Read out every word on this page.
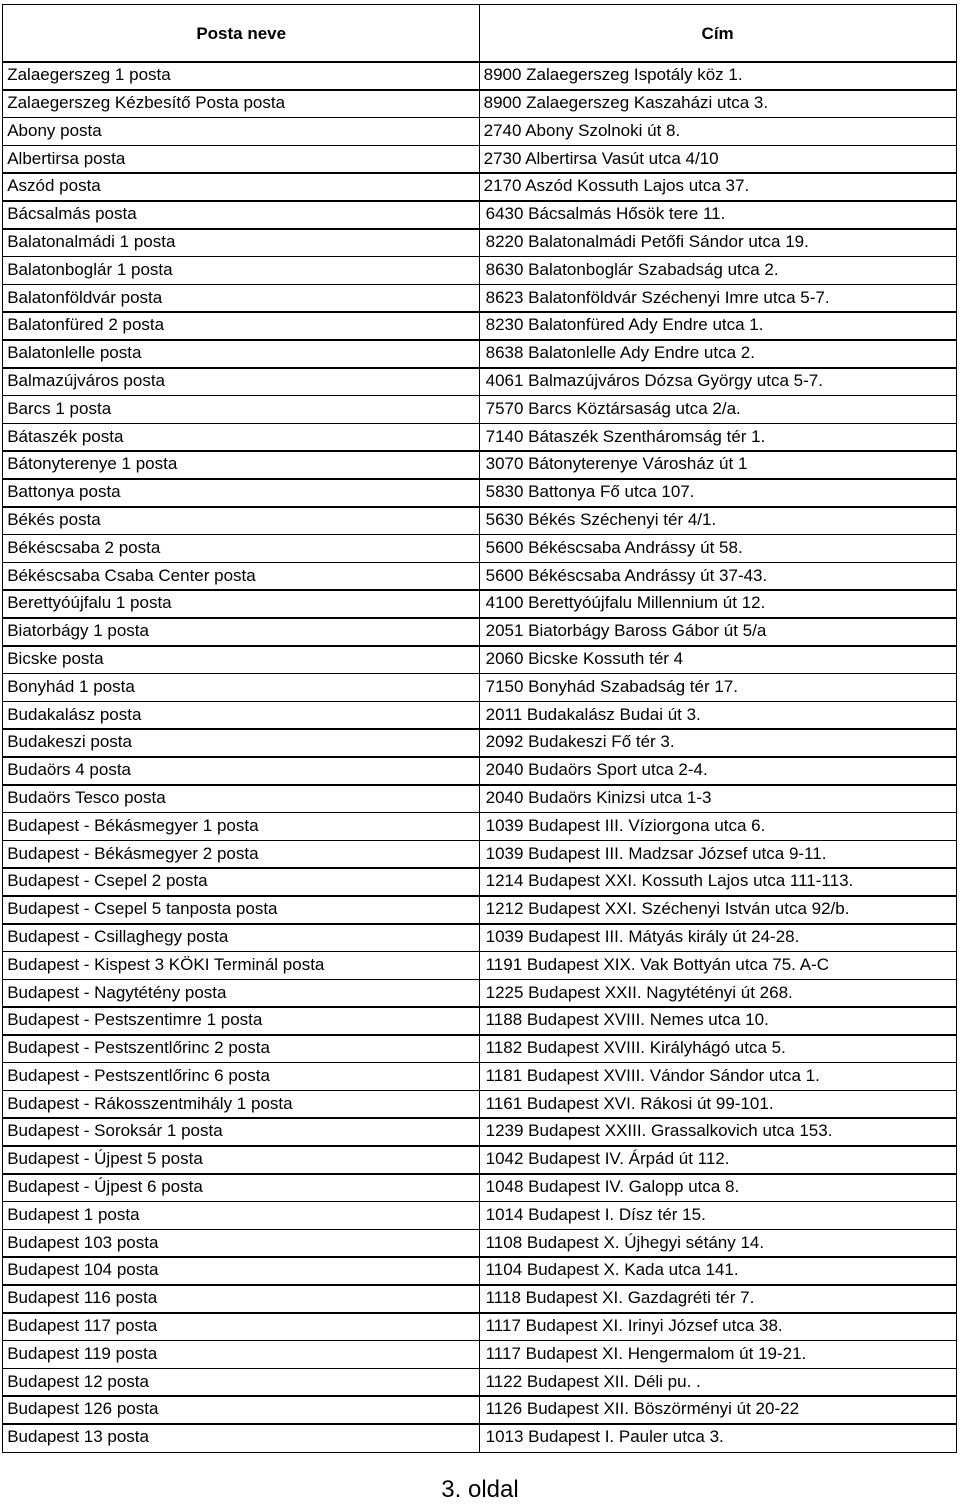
Posta neve	Cím
Zalaegerszeg 1 posta	8900 Zalaegerszeg Ispotály köz 1.
Zalaegerszeg Kézbesítő Posta posta	8900 Zalaegerszeg Kaszaházi utca 3.
Abony posta	2740 Abony Szolnoki út 8.
Albertirsa posta	2730 Albertirsa Vasút utca 4/10
Aszód posta	2170 Aszód Kossuth Lajos utca 37.
Bácsalmás posta	6430 Bácsalmás Hősök tere 11.
Balatonalmádi 1 posta	8220 Balatonalmádi Petőfi Sándor utca 19.
Balatonboglár 1 posta	8630 Balatonboglár Szabadság utca 2.
Balatonföldvár posta	8623 Balatonföldvár Széchenyi Imre utca 5-7.
Balatonfüred 2 posta	8230 Balatonfüred Ady Endre utca 1.
Balatonlelle posta	8638 Balatonlelle Ady Endre utca 2.
Balmazújváros posta	4061 Balmazújváros Dózsa György utca 5-7.
Barcs 1 posta	7570 Barcs Köztársaság utca 2/a.
Bátaszék posta	7140 Bátaszék Szentháromság tér 1.
Bátonyterenye 1 posta	3070 Bátonyterenye Városház út 1
Battonya posta	5830 Battonya Fő utca 107.
Békés posta	5630 Békés Széchenyi tér 4/1.
Békéscsaba 2 posta	5600 Békéscsaba Andrássy út 58.
Békéscsaba Csaba Center posta	5600 Békéscsaba Andrássy út 37-43.
Berettyóújfalu 1 posta	4100 Berettyóújfalu Millennium út 12.
Biatorbágy 1 posta	2051 Biatorbágy Baross Gábor út 5/a
Bicske posta	2060 Bicske Kossuth tér 4
Bonyhád 1 posta	7150 Bonyhád Szabadság tér 17.
Budakalász posta	2011 Budakalász Budai út 3.
Budakeszi posta	2092 Budakeszi Fő tér 3.
Budaörs 4 posta	2040 Budaörs Sport utca 2-4.
Budaörs Tesco posta	2040 Budaörs Kinizsi utca 1-3
Budapest - Békásmegyer 1 posta	1039 Budapest III. Víziorgona utca 6.
Budapest - Békásmegyer 2 posta	1039 Budapest III. Madzsar József utca 9-11.
Budapest - Csepel 2 posta	1214 Budapest XXI. Kossuth Lajos utca 111-113.
Budapest - Csepel 5 tanposta posta	1212 Budapest XXI. Széchenyi István utca 92/b.
Budapest - Csillaghegy posta	1039 Budapest III. Mátyás király út 24-28.
Budapest - Kispest 3 KÖKI Terminál posta	1191 Budapest XIX. Vak Bottyán utca 75. A-C
Budapest - Nagytétény posta	1225 Budapest XXII. Nagytétényi út 268.
Budapest - Pestszentimre 1 posta	1188 Budapest XVIII. Nemes utca 10.
Budapest - Pestszentlőrinc 2 posta	1182 Budapest XVIII. Királyhágó utca 5.
Budapest - Pestszentlőrinc 6 posta	1181 Budapest XVIII. Vándor Sándor utca 1.
Budapest - Rákosszentmihály 1 posta	1161 Budapest XVI. Rákosi út 99-101.
Budapest - Soroksár 1 posta	1239 Budapest XXIII. Grassalkovich utca 153.
Budapest - Újpest 5 posta	1042 Budapest IV. Árpád út 112.
Budapest - Újpest 6 posta	1048 Budapest IV. Galopp utca 8.
Budapest 1 posta	1014 Budapest I. Dísz tér 15.
Budapest 103 posta	1108 Budapest X. Újhegyi sétány 14.
Budapest 104 posta	1104 Budapest X. Kada utca 141.
Budapest 116 posta	1118 Budapest XI. Gazdagréti tér 7.
Budapest 117 posta	1117 Budapest XI. Irinyi József utca 38.
Budapest 119 posta	1117 Budapest XI. Hengermalom út 19-21.
Budapest 12 posta	1122 Budapest XII. Déli pu. .
Budapest 126 posta	1126 Budapest XII. Böszörményi út 20-22
Budapest 13 posta	1013 Budapest I. Pauler utca 3.
3. oldal
